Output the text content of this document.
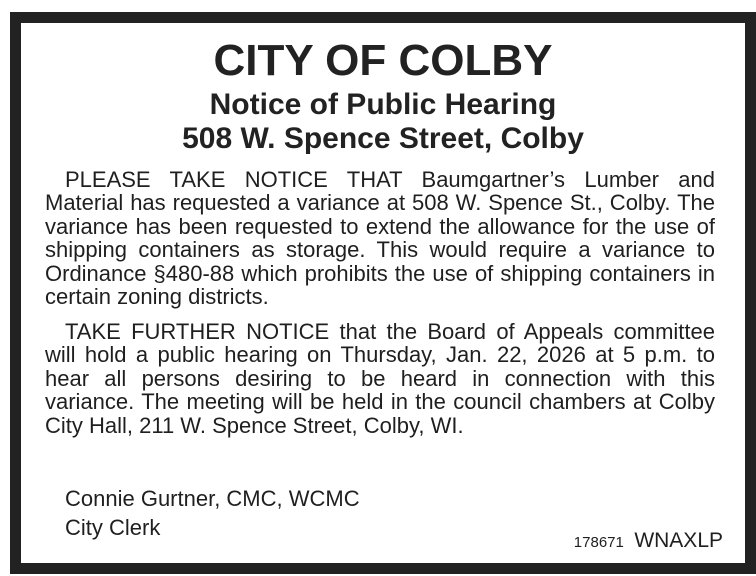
CITY OF COLBY
Notice of Public Hearing
508 W. Spence Street, Colby

PLEASE TAKE NOTICE THAT Baumgartner’s Lumber and Material has requested a variance at 508 W. Spence St., Colby. The variance has been requested to extend the allowance for the use of shipping containers as storage. This would require a variance to Ordinance §480-88 which prohibits the use of shipping containers in certain zoning districts.

TAKE FURTHER NOTICE that the Board of Appeals committee will hold a public hearing on Thursday, Jan. 22, 2026 at 5 p.m. to hear all persons desiring to be heard in connection with this variance. The meeting will be held in the council chambers at Colby City Hall, 211 W. Spence Street, Colby, WI.

Connie Gurtner, CMC, WCMC

City Clerk

178671 WNAXLP
